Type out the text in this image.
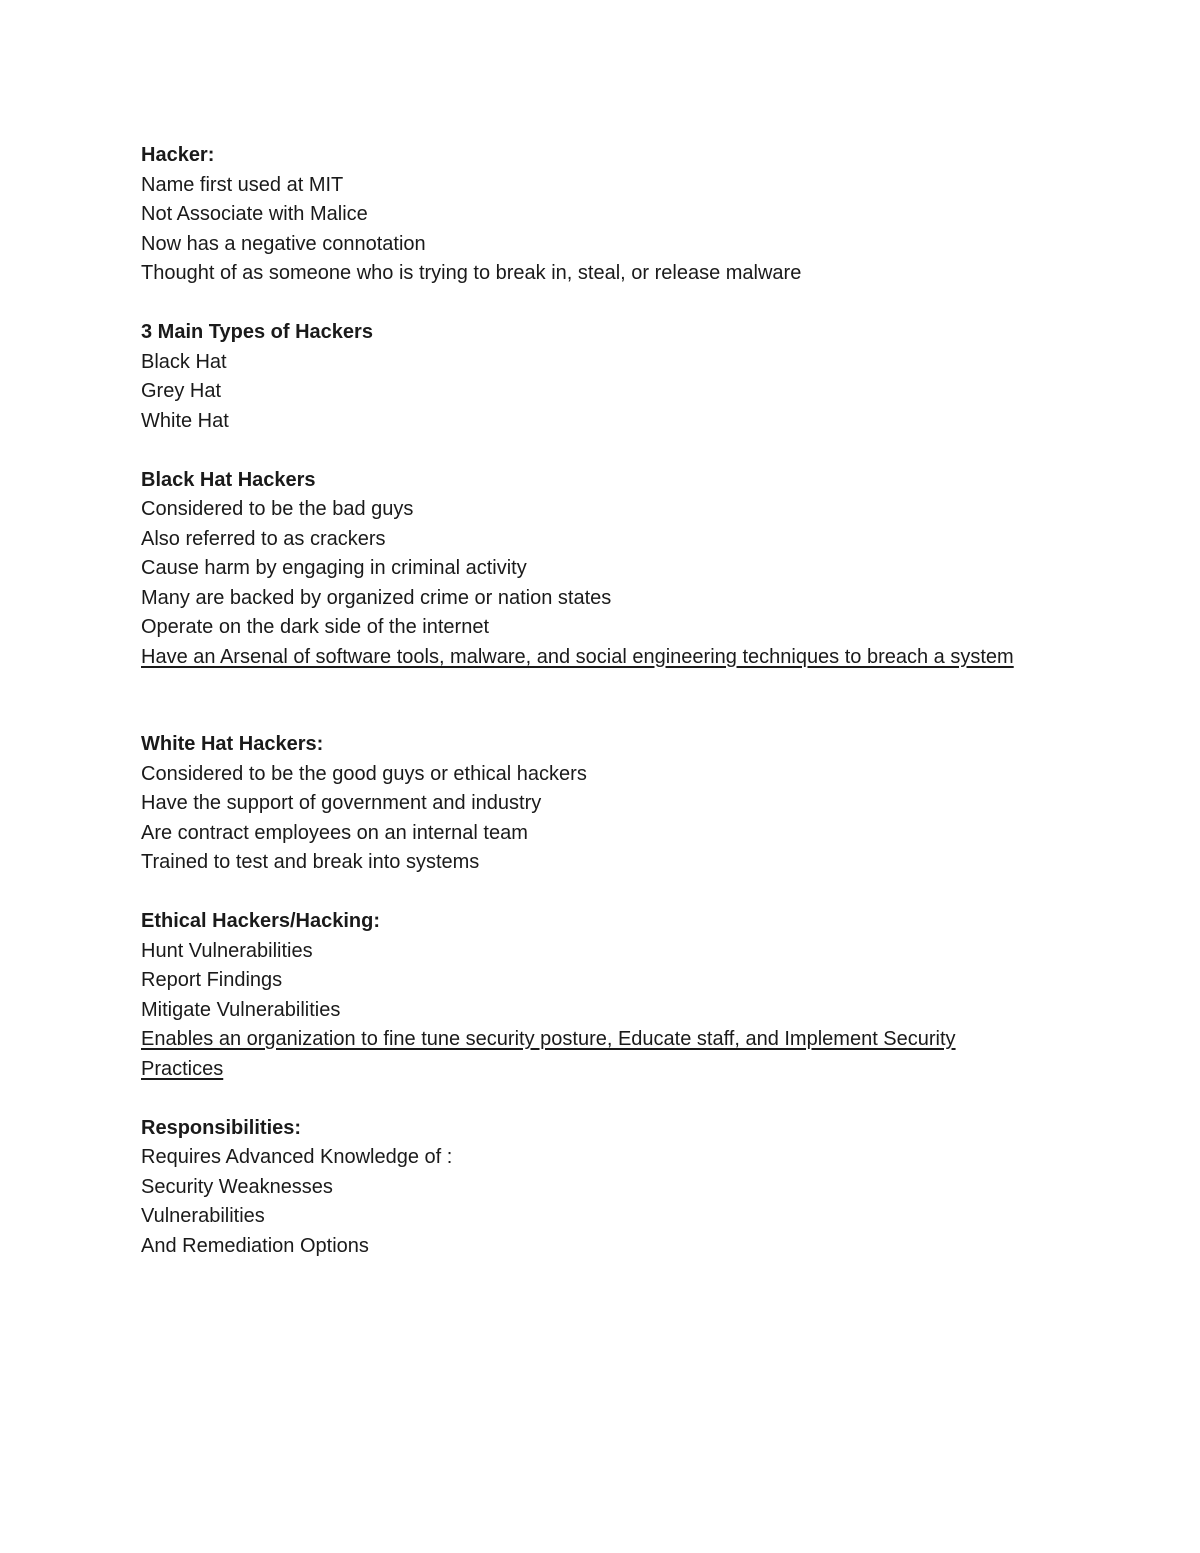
Hacker:

Name first used at MIT

Not Associate with Malice

Now has a negative connotation

Thought of as someone who is trying to break in, steal, or release malware

3 Main Types of Hackers

Black Hat

Grey Hat

White Hat

Black Hat Hackers

Considered to be the bad guys

Also referred to as crackers

Cause harm by engaging in criminal activity

Many are backed by organized crime or nation states

Operate on the dark side of the internet

Have an Arsenal of software tools, malware, and social engineering techniques to breach a system

White Hat Hackers:

Considered to be the good guys or ethical hackers

Have the support of government and industry

Are contract employees on an internal team

Trained to test and break into systems

Ethical Hackers/Hacking:

Hunt Vulnerabilities

Report Findings

Mitigate Vulnerabilities

Enables an organization to fine tune security posture, Educate staff, and Implement Security Practices

Responsibilities:

Requires Advanced Knowledge of :

Security Weaknesses

Vulnerabilities

And Remediation Options
